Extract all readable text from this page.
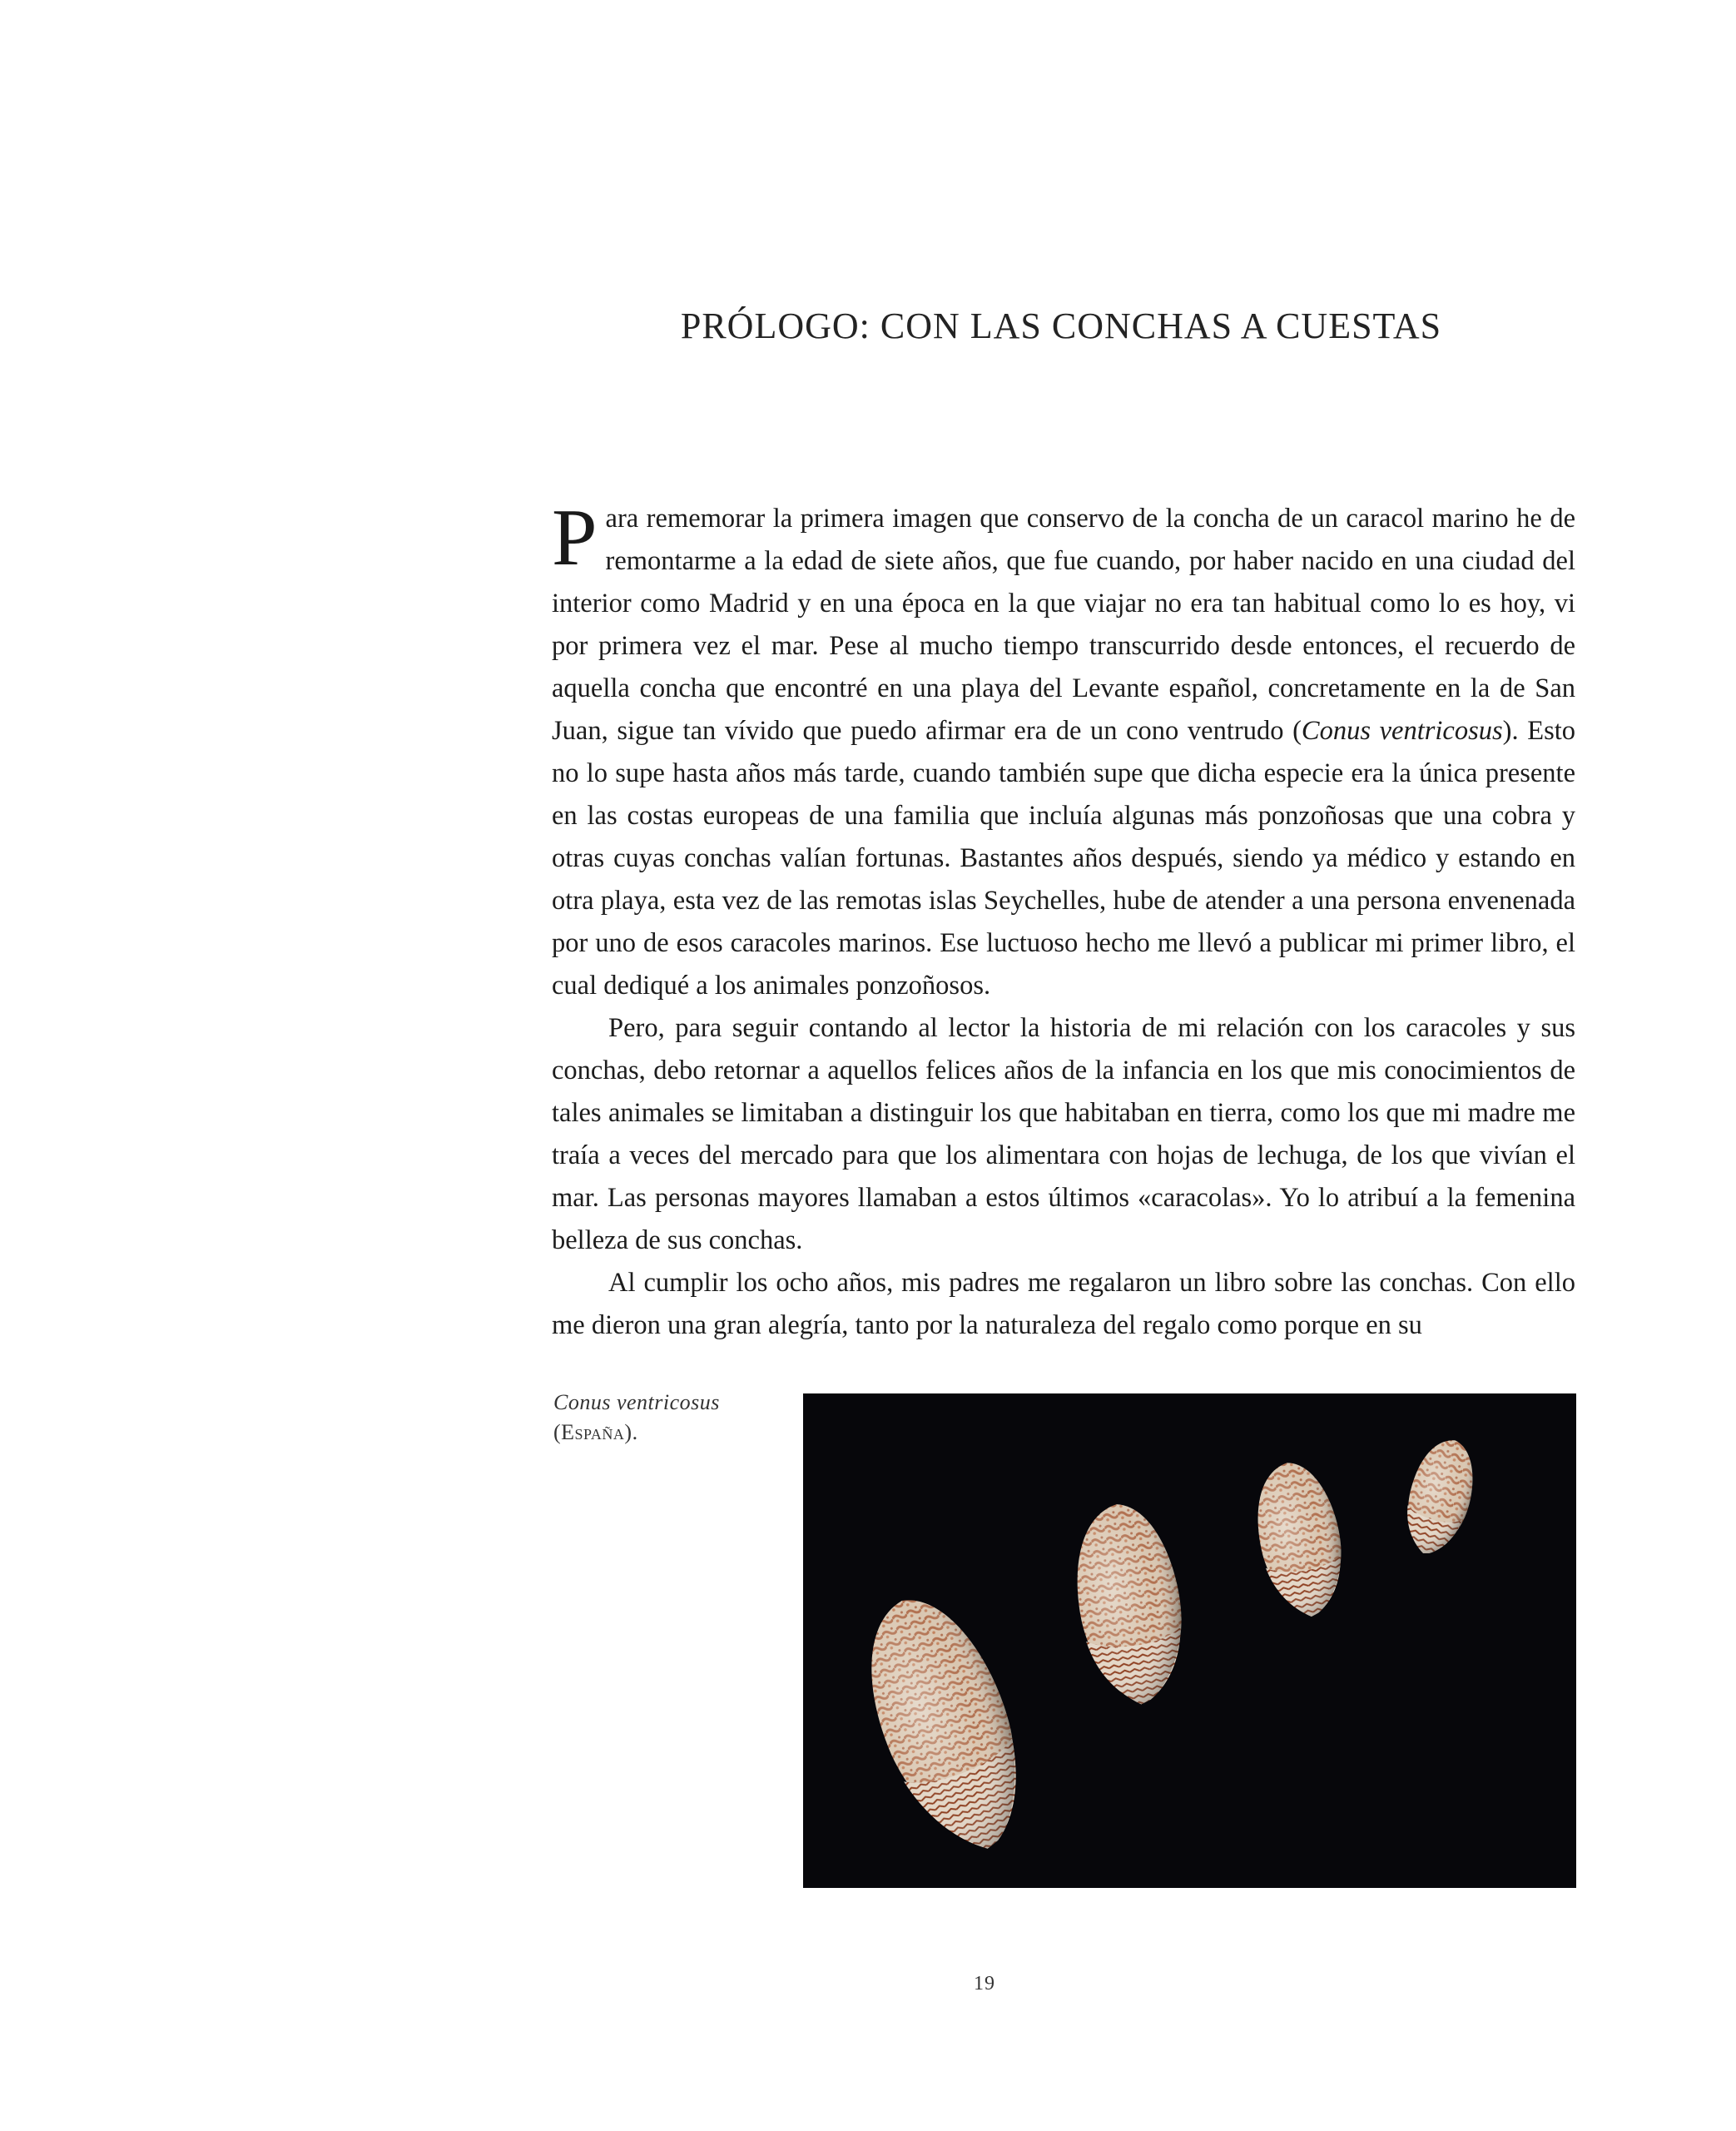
PRÓLOGO: CON LAS CONCHAS A CUESTAS

Para rememorar la primera imagen que conservo de la concha de un caracol marino he de remontarme a la edad de siete años, que fue cuando, por haber nacido en una ciudad del interior como Madrid y en una época en la que viajar no era tan habitual como lo es hoy, vi por primera vez el mar. Pese al mucho tiempo transcurrido desde entonces, el recuerdo de aquella concha que encontré en una playa del Levante español, concretamente en la de San Juan, sigue tan vívido que puedo afirmar era de un cono ventrudo (Conus ventricosus). Esto no lo supe hasta años más tarde, cuando también supe que dicha especie era la única presente en las costas europeas de una familia que incluía algunas más ponzoñosas que una cobra y otras cuyas conchas valían fortunas. Bastantes años después, siendo ya médico y estando en otra playa, esta vez de las remotas islas Seychelles, hube de atender a una persona envenenada por uno de esos caracoles marinos. Ese luctuoso hecho me llevó a publicar mi primer libro, el cual dediqué a los animales ponzoñosos.

Pero, para seguir contando al lector la historia de mi relación con los caracoles y sus conchas, debo retornar a aquellos felices años de la infancia en los que mis conocimientos de tales animales se limitaban a distinguir los que habitaban en tierra, como los que mi madre me traía a veces del mercado para que los alimentara con hojas de lechuga, de los que vivían el mar. Las personas mayores llamaban a estos últimos «caracolas». Yo lo atribuí a la femenina belleza de sus conchas.

Al cumplir los ocho años, mis padres me regalaron un libro sobre las conchas. Con ello me dieron una gran alegría, tanto por la naturaleza del regalo como porque en su

Conus ventricosus
(España).
19
